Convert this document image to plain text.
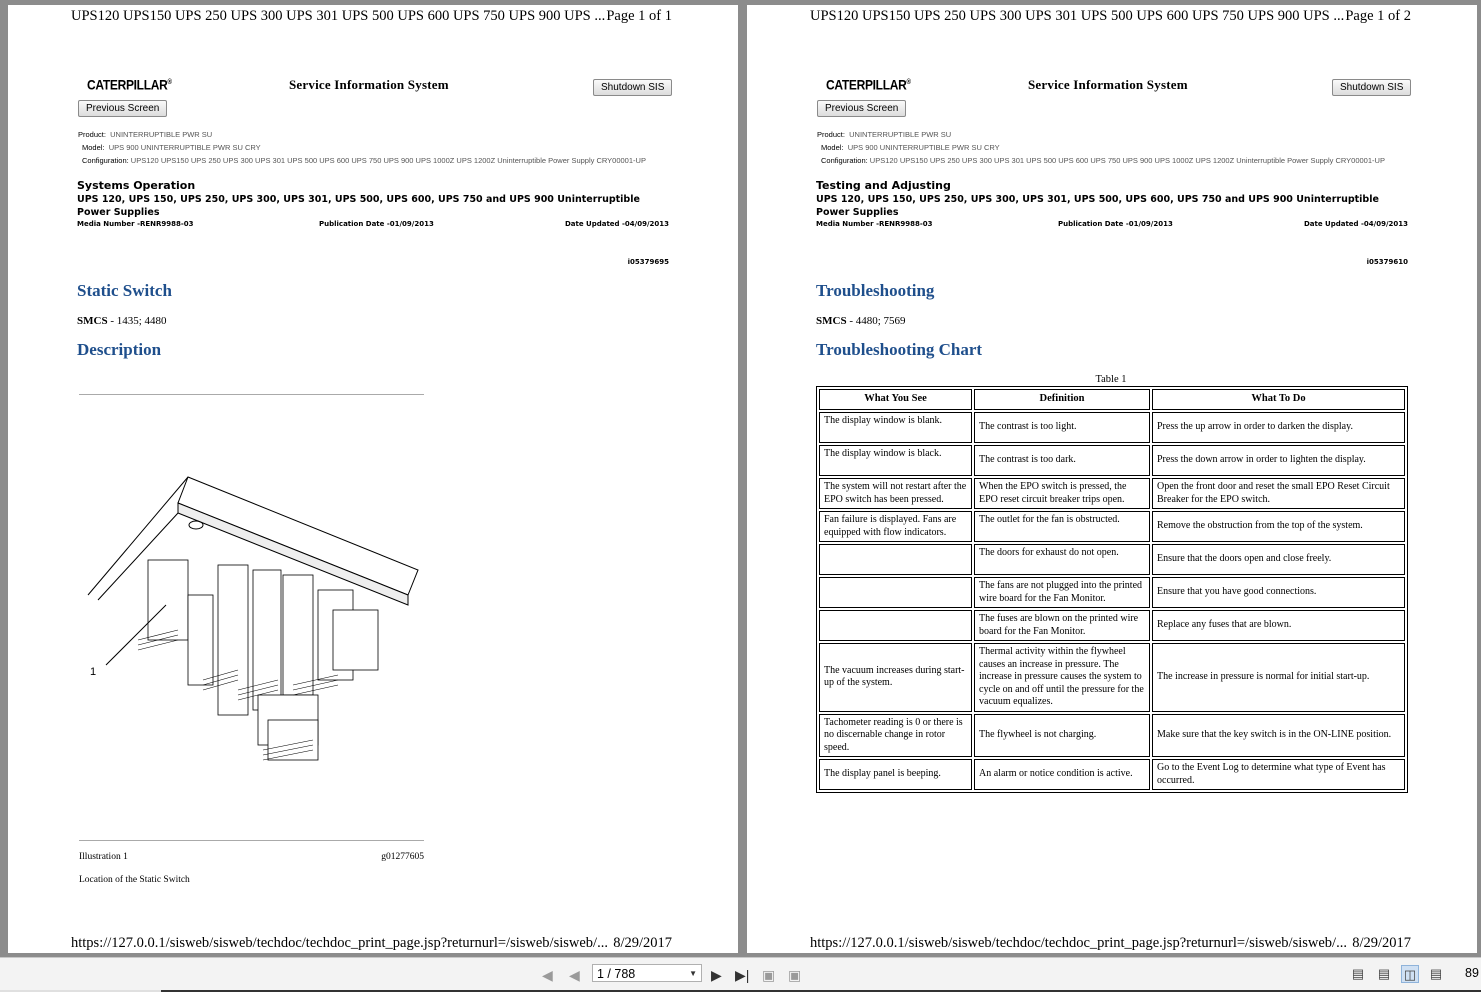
UPS120 UPS150 UPS 250 UPS 300 UPS 301 UPS 500 UPS 600 UPS 750 UPS 900 UPS ... Page 1 of 1
CATERPILLAR®	Service Information System	Shutdown SIS
Previous Screen
Product: UNINTERRUPTIBLE PWR SU
Model: UPS 900 UNINTERRUPTIBLE PWR SU CRY
Configuration: UPS120 UPS150 UPS 250 UPS 300 UPS 301 UPS 500 UPS 600 UPS 750 UPS 900 UPS 1000Z UPS 1200Z Uninterruptible Power Supply CRY00001-UP
Systems Operation
UPS 120, UPS 150, UPS 250, UPS 300, UPS 301, UPS 500, UPS 600, UPS 750 and UPS 900 Uninterruptible Power Supplies
Media Number -RENR9988-03	Publication Date -01/09/2013	Date Updated -04/09/2013
i05379695
Static Switch
SMCS - 1435; 4480
Description
1
Illustration 1	g01277605
Location of the Static Switch
https://127.0.0.1/sisweb/sisweb/techdoc/techdoc_print_page.jsp?returnurl=/sisweb/sisweb/... 8/29/2017
UPS120 UPS150 UPS 250 UPS 300 UPS 301 UPS 500 UPS 600 UPS 750 UPS 900 UPS ... Page 1 of 2
CATERPILLAR®	Service Information System	Shutdown SIS
Previous Screen
Product: UNINTERRUPTIBLE PWR SU
Model: UPS 900 UNINTERRUPTIBLE PWR SU CRY
Configuration: UPS120 UPS150 UPS 250 UPS 300 UPS 301 UPS 500 UPS 600 UPS 750 UPS 900 UPS 1000Z UPS 1200Z Uninterruptible Power Supply CRY00001-UP
Testing and Adjusting
UPS 120, UPS 150, UPS 250, UPS 300, UPS 301, UPS 500, UPS 600, UPS 750 and UPS 900 Uninterruptible Power Supplies
Media Number -RENR9988-03	Publication Date -01/09/2013	Date Updated -04/09/2013
i05379610
Troubleshooting
SMCS - 4480; 7569
Troubleshooting Chart
Table 1
What You See	Definition	What To Do
The display window is blank.	The contrast is too light.	Press the up arrow in order to darken the display.
The display window is black.	The contrast is too dark.	Press the down arrow in order to lighten the display.
The system will not restart after the EPO switch has been pressed.	When the EPO switch is pressed, the EPO reset circuit breaker trips open.	Open the front door and reset the small EPO Reset Circuit Breaker for the EPO switch.
Fan failure is displayed. Fans are equipped with flow indicators.	The outlet for the fan is obstructed.	Remove the obstruction from the top of the system.
	The doors for exhaust do not open.	Ensure that the doors open and close freely.
	The fans are not plugged into the printed wire board for the Fan Monitor.	Ensure that you have good connections.
	The fuses are blown on the printed wire board for the Fan Monitor.	Replace any fuses that are blown.
The vacuum increases during start-up of the system.	Thermal activity within the flywheel causes an increase in pressure. The increase in pressure causes the system to cycle on and off until the pressure for the vacuum equalizes.	The increase in pressure is normal for initial start-up.
Tachometer reading is 0 or there is no discernable change in rotor speed.	The flywheel is not charging.	Make sure that the key switch is in the ON-LINE position.
The display panel is beeping.	An alarm or notice condition is active.	Go to the Event Log to determine what type of Event has occurred.
https://127.0.0.1/sisweb/sisweb/techdoc/techdoc_print_page.jsp?returnurl=/sisweb/sisweb/... 8/29/2017
◀​ ◀	1 / 788	▼ ▶ ▶| ▣ ▣	▤ ▤ ◫ ▤ 89
